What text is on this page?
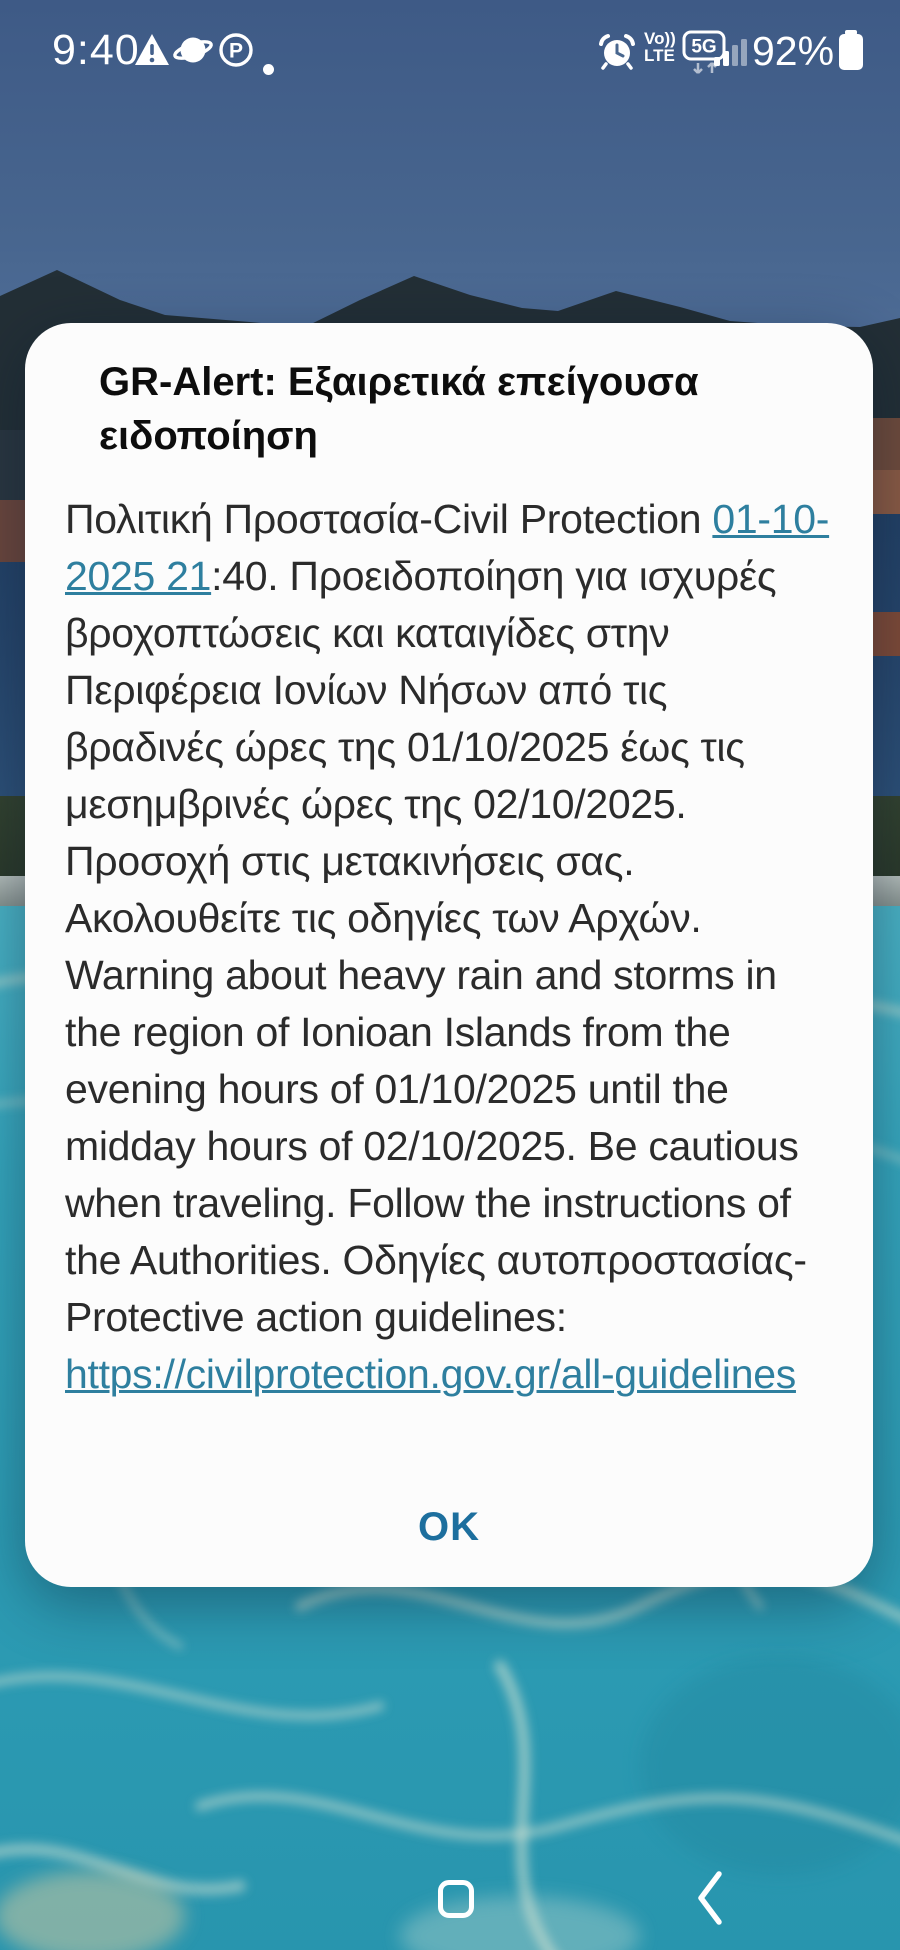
9:40	P
Vo))
LTE 5G 92%
GR-Alert: Εξαιρετικά επείγουσα ειδοποίηση

Πολιτική Προστασία-Civil Protection 01-10-2025 21:40. Προειδοποίηση για ισχυρές βροχοπτώσεις και καταιγίδες στην Περιφέρεια Ιονίων Νήσων από τις βραδινές ώρες της 01/10/2025 έως τις μεσημβρινές ώρες της 02/10/2025. Προσοχή στις μετακινήσεις σας. Ακολουθείτε τις οδηγίες των Αρχών. Warning about heavy rain and storms in the region of Ionioan Islands from the evening hours of 01/10/2025 until the midday hours of 02/10/2025. Be cautious when traveling. Follow the instructions of the Authorities. Οδηγίες αυτοπροστασίας-Protective action guidelines: https://civilprotection.gov.gr/all-guidelines

OK
